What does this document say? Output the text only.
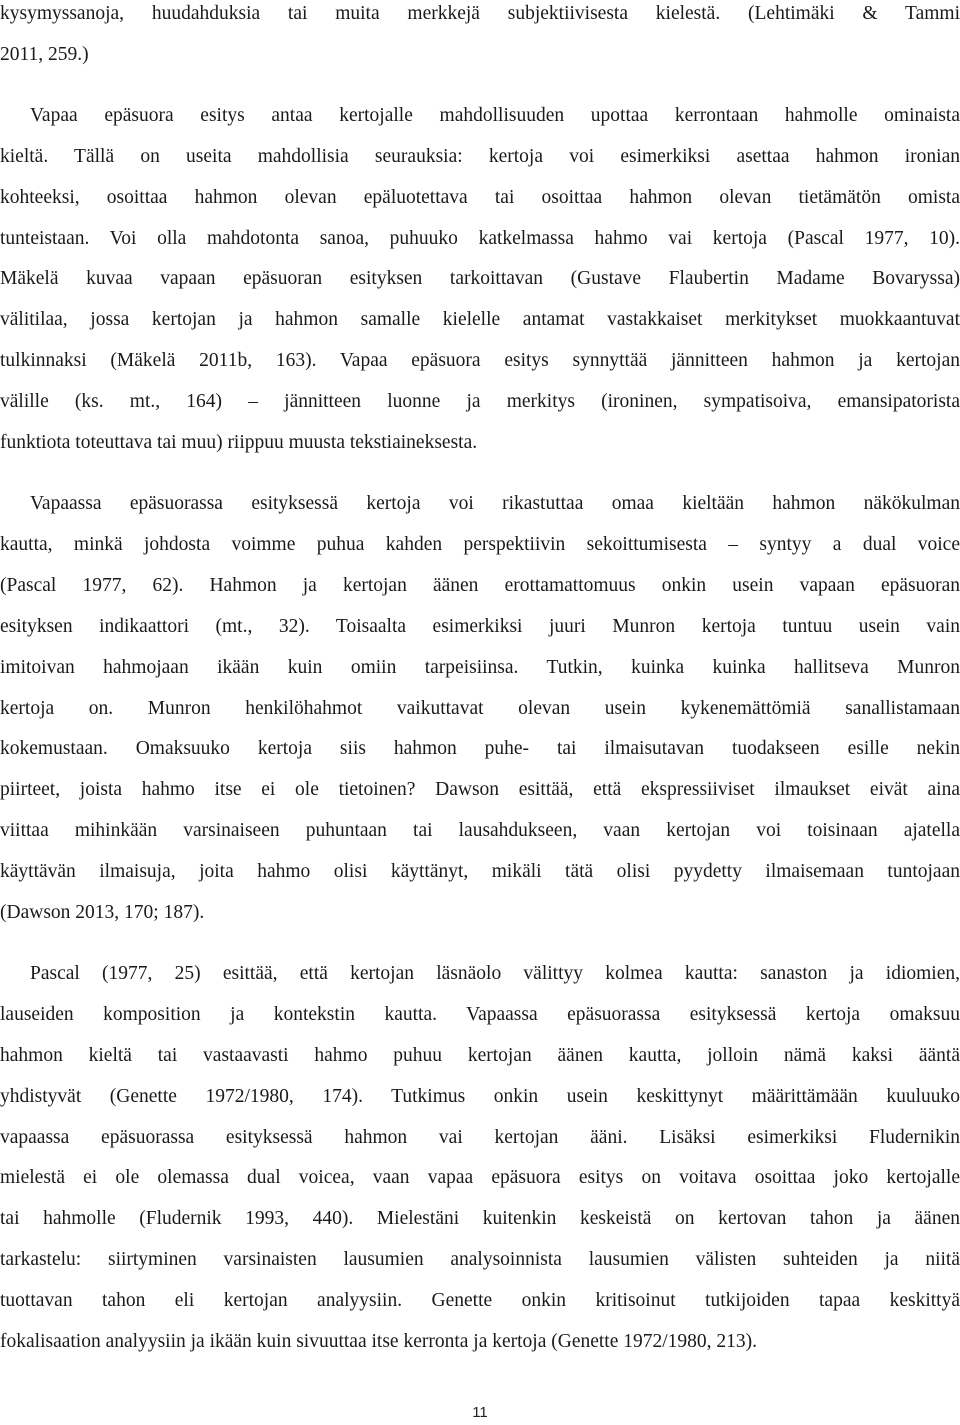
kysymyssanoja, huudahduksia tai muita merkkejä subjektiivisesta kielestä. (Lehtimäki & Tammi
2011, 259.)

Vapaa epäsuora esitys antaa kertojalle mahdollisuuden upottaa kerrontaan hahmolle ominaista
kieltä. Tällä on useita mahdollisia seurauksia: kertoja voi esimerkiksi asettaa hahmon ironian
kohteeksi, osoittaa hahmon olevan epäluotettava tai osoittaa hahmon olevan tietämätön omista
tunteistaan. Voi olla mahdotonta sanoa, puhuuko katkelmassa hahmo vai kertoja (Pascal 1977, 10).
Mäkelä kuvaa vapaan epäsuoran esityksen tarkoittavan (Gustave Flaubertin Madame Bovaryssa)
välitilaa, jossa kertojan ja hahmon samalle kielelle antamat vastakkaiset merkitykset muokkaantuvat
tulkinnaksi (Mäkelä 2011b, 163). Vapaa epäsuora esitys synnyttää jännitteen hahmon ja kertojan
välille (ks. mt., 164) – jännitteen luonne ja merkitys (ironinen, sympatisoiva, emansipatorista
funktiota toteuttava tai muu) riippuu muusta tekstiaineksesta.

Vapaassa epäsuorassa esityksessä kertoja voi rikastuttaa omaa kieltään hahmon näkökulman
kautta, minkä johdosta voimme puhua kahden perspektiivin sekoittumisesta – syntyy a dual voice
(Pascal 1977, 62). Hahmon ja kertojan äänen erottamattomuus onkin usein vapaan epäsuoran
esityksen indikaattori (mt., 32). Toisaalta esimerkiksi juuri Munron kertoja tuntuu usein vain
imitoivan hahmojaan ikään kuin omiin tarpeisiinsa. Tutkin, kuinka kuinka hallitseva Munron
kertoja on. Munron henkilöhahmot vaikuttavat olevan usein kykenemättömiä sanallistamaan
kokemustaan. Omaksuuko kertoja siis hahmon puhe- tai ilmaisutavan tuodakseen esille nekin
piirteet, joista hahmo itse ei ole tietoinen? Dawson esittää, että ekspressiiviset ilmaukset eivät aina
viittaa mihinkään varsinaiseen puhuntaan tai lausahdukseen, vaan kertojan voi toisinaan ajatella
käyttävän ilmaisuja, joita hahmo olisi käyttänyt, mikäli tätä olisi pyydetty ilmaisemaan tuntojaan
(Dawson 2013, 170; 187).

Pascal (1977, 25) esittää, että kertojan läsnäolo välittyy kolmea kautta: sanaston ja idiomien,
lauseiden komposition ja kontekstin kautta. Vapaassa epäsuorassa esityksessä kertoja omaksuu
hahmon kieltä tai vastaavasti hahmo puhuu kertojan äänen kautta, jolloin nämä kaksi ääntä
yhdistyvät (Genette 1972/1980, 174). Tutkimus onkin usein keskittynyt määrittämään kuuluuko
vapaassa epäsuorassa esityksessä hahmon vai kertojan ääni. Lisäksi esimerkiksi Fludernikin
mielestä ei ole olemassa dual voicea, vaan vapaa epäsuora esitys on voitava osoittaa joko kertojalle
tai hahmolle (Fludernik 1993, 440). Mielestäni kuitenkin keskeistä on kertovan tahon ja äänen
tarkastelu: siirtyminen varsinaisten lausumien analysoinnista lausumien välisten suhteiden ja niitä
tuottavan tahon eli kertojan analyysiin. Genette onkin kritisoinut tutkijoiden tapaa keskittyä
fokalisaation analyysiin ja ikään kuin sivuuttaa itse kerronta ja kertoja (Genette 1972/1980, 213).

11
